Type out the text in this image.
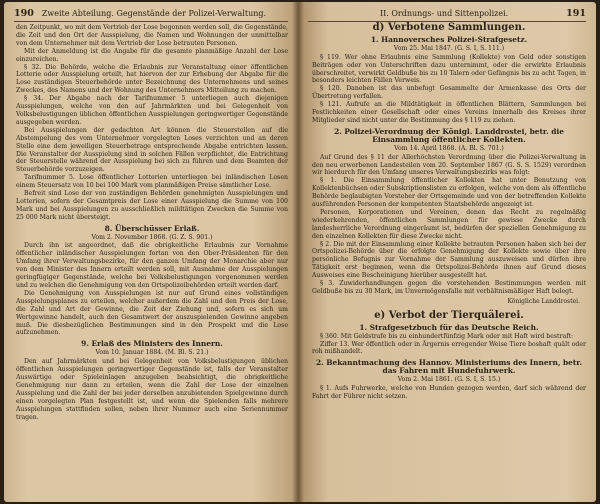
190 Zweite Abteilung. Gegenstände der Polizei-Verwaltung.

den Zeitpunkt, wo mit dem Vertrieb der Lose begonnen werden soll, die Gegenstände, die Zeit und den Ort der Ausspielung, die Namen und Wohnungen der unmittelbar von dem Unternehmer mit dem Vertrieb der Lose betrauten Personen.

Mit der Anmeldung ist die Angabe für die gesamte planmäßige Anzahl der Lose einzureichen.

§ 32. Die Behörde, welche die Erlaubnis zur Veranstaltung einer öffentlichen Lotterie oder Ausspielung erteilt, hat hiervon der zur Erhebung der Abgabe für die Lose zuständigen Steuerbehörde unter Bezeichnung des Unternehmens und seines Zweckes, des Namens und der Wohnung des Unternehmers Mitteilung zu machen.

§ 34. Der Abgabe nach der Tarifnummer 5 unterliegen auch diejenigen Ausspielungen, welche von den auf Jahrmärkten und bei Gelegenheit von Volksbelustigungen üblichen öffentlichen Ausspielungen geringwertiger Gegenstände ausgegeben werden.

Bei Ausspielungen der gedachten Art können die Steuerstellen auf die Abstempelung des vom Unternehmer vorgelegten Loses verzichten und an deren Stelle eine dem jeweiligen Steuerbetrage entsprechende Abgabe entrichten lassen. Die Veranstalter der Ausspielung sind in solchen Fällen verpflichtet, die Entrichtung der Steuerstelle während der Ausspielung bei sich zu führen und dem Beamten der Steuerbehörde vorzuzeigen.

Tarifnummer 5. Lose öffentlicher Lotterien unterliegen bei inländischen Losen einem Steuersatz von 10 bei 100 Mark vom planmäßigen Preise sämtlicher Lose.

Befreit sind Lose der von zuständigen Behörden genehmigten Ausspielungen und Lotterien, sofern der Gesamtpreis der Lose einer Ausspielung die Summe von 100 Mark und bei Ausspielungen zu ausschließlich mildtätigen Zwecken die Summe von 25 000 Mark nicht übersteigt.

8. Überschüsser Erlaß.
Vom 2. November 1868. (G. Z. S. 901.)

Durch ihn ist angeordnet, daß die obrigkeitliche Erlaubnis zur Vornahme öffentlicher inländischer Ausspielungen fortan von den Ober-Präsidenten für den Umfang ihrer Verwaltungsbezirke, für den ganzen Umfang der Monarchie aber nur von dem Minister des Innern erteilt werden soll, mit Ausnahme der Ausspielungen geringfügiger Gegenstände, welche bei Volksbelustigungen vorgenommen werden und zu welchen die Genehmigung von den Ortspolizeibehörden erteilt werden darf.

Die Genehmigung von Ausspielungen ist nur auf Grund eines vollständigen Ausspielungsplanes zu erteilen, welcher außerdem die Zahl und den Preis der Lose, die Zahl und Art der Gewinne, die Zeit der Ziehung und, sofern es sich um Wertgewinne handelt, auch den Gesamtwert der auszuspielenden Gewinne angeben muß. Die diesbezüglichen Bestimmungen sind in den Prospekt und die Lose aufzunehmen.

9. Erlaß des Ministers des Innern.
Vom 10. Januar 1884. (M. Bl. S. 21.)

Den auf Jahrmärkten und bei Gelegenheit von Volksbelustigungen üblichen öffentlichen Ausspielungen geringwertiger Gegenstände ist, falls der Veranstalter Auswärtige oder Spieleinlagen anzugeben beabsichtigt, die obrigkeitliche Genehmigung nur dann zu erteilen, wenn die Zahl der Lose der einzelnen Ausspielung und die Zahl der bei jeder derselben anzubietenden Spielgewinne durch einen vorgelegten Plan festgestellt ist, und wenn die Spielenden falls mehrere Ausspielungen stattfinden sollen, neben ihrer Nummer auch eine Seriennummer tragen.

II. Ordnungs- und Sittenpolizei.	191
d) Verbotene Sammlungen.
1. Hannoversches Polizei-Strafgesetz.
Vom 25. Mai 1847. (G. S. I, S. 111.)

§ 119. Wer ohne Erlaubnis eine Sammlung (Kollekte) von Geld oder sonstigen Beiträgen oder von Unterschriften dazu unternimmt, oder die erwirkte Erlaubnis überschreitet, verwirkt Geldbuße bis zu 10 Talern oder Gefängnis bis zu acht Tagen, in besonders leichten Fällen Verweis.

§ 120. Daneben ist das unbefugt Gesammelte der Armenkasse des Orts der Übertretung verfallen.

§ 121. Aufrufe an die Mildtätigkeit in öffentlichen Blättern, Sammlungen bei Festlichkeiten einer Gesellschaft oder eines Vereins innerhalb des Kreises ihrer Mitglieder sind nicht unter die Bestimmung des § 119 zu ziehen.

2. Polizei-Verordnung der Königl. Landdrostei, betr. die Einsammlung öffentlicher Kollekten.
Vom 14. April 1868. (A. Bl. S. 701.)

Auf Grund des § 11 der Allerhöchsten Verordnung über die Polizei-Verwaltung in den neu erworbenen Landesteilen vom 20. September 1867 (G. S. S. 1529) verordnen wir hierdurch für den Umfang unseres Verwaltungsbezirks was folgt:

§ 1. Die Einsammlung öffentlicher Kollekten hat unter Benutzung von Kollektenbüchsen oder Subskriptionslisten zu erfolgen, welche von dem als öffentliche Behörde beglaubigten Vorsteher der Ortsgemeinde und von der betreffenden Kollekte ausführenden Personen der kompetenten Staatsbehörde angezeigt ist.

Personen, Korporationen und Vereinen, denen das Recht zu regelmäßig wiederkehrenden, öffentlichen Sammlungen für gewisse Zwecke durch landesherrliche Verordnung eingeräumt ist, bedürfen der speziellen Genehmigung zu den einzelnen Kollekten für diese Zwecke nicht.

§ 2. Die mit der Einsammlung einer Kollekte betrauten Personen haben sich bei der Ortspolizei-Behörde über die erfolgte Genehmigung der Kollekte sowie über ihre persönliche Befugnis zur Vornahme der Sammlung auszuweisen und dürfen ihre Tätigkeit erst beginnen, wenn die Ortspolizei-Behörde ihnen auf Grund dieses Ausweises eine Bescheinigung hierüber ausgestellt hat.

§ 3. Zuwiderhandlungen gegen die vorstehenden Bestimmungen werden mit Geldbuße bis zu 30 Mark, im Unvermögensfalle mit verhältnismäßiger Haft belegt.

Königliche Landdrostei.
e) Verbot der Tierquälerei.
1. Strafgesetzbuch für das Deutsche Reich.

§ 360. Mit Geldstrafe bis zu einhundertfünfzig Mark oder mit Haft wird bestraft:

Ziffer 13. Wer öffentlich oder in Ärgernis erregender Weise Tiere boshaft quält oder roh mißhandelt.

2. Bekanntmachung des Hannov. Ministeriums des Innern, betr. das Fahren mit Hundefuhrwerk.
Vom 2. Mai 1861. (G. S. I, S. 15.)

§ 1. Aufs Fuhrwerke, welche von Hunden gezogen werden, darf sich während der Fahrt der Führer nicht setzen.
